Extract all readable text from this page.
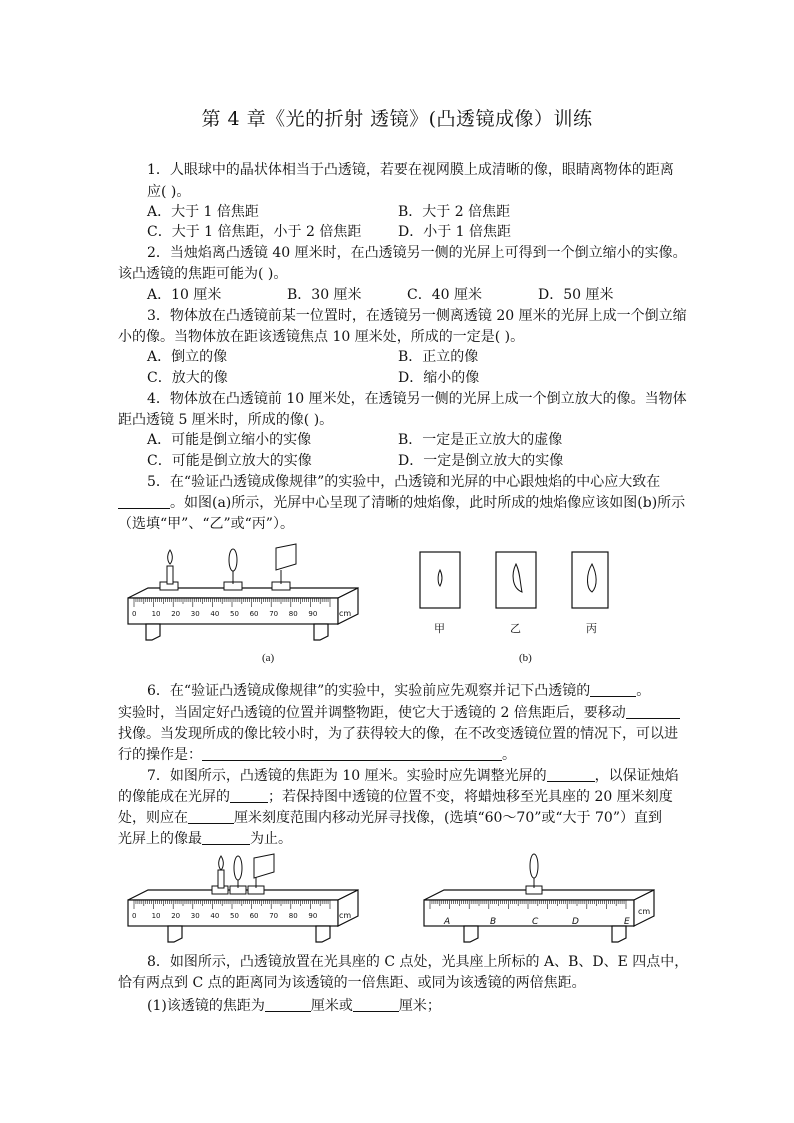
第 4 章《光的折射 透镜》(凸透镜成像）训练
1．人眼球中的晶状体相当于凸透镜，若要在视网膜上成清晰的像，眼睛离物体的距离
应( )。
A．大于 1 倍焦距	B．大于 2 倍焦距
C．大于 1 倍焦距，小于 2 倍焦距	D．小于 1 倍焦距
2．当烛焰离凸透镜 40 厘米时，在凸透镜另一侧的光屏上可得到一个倒立缩小的实像。
该凸透镜的焦距可能为( )。
A．10 厘米	B．30 厘米	C．40 厘米	D．50 厘米
3．物体放在凸透镜前某一位置时，在透镜另一侧离透镜 20 厘米的光屏上成一个倒立缩
小的像。当物体放在距该透镜焦点 10 厘米处，所成的一定是( )。
A．倒立的像	B．正立的像
C．放大的像	D．缩小的像
4．物体放在凸透镜前 10 厘米处，在透镜另一侧的光屏上成一个倒立放大的像。当物体
距凸透镜 5 厘米时，所成的像( )。
A．可能是倒立缩小的实像	B．一定是正立放大的虚像
C．可能是倒立放大的实像	D．一定是倒立放大的实像
5．在“验证凸透镜成像规律”的实验中，凸透镜和光屏的中心跟烛焰的中心应大致在
。如图(a)所示，光屏中心呈现了清晰的烛焰像，此时所成的烛焰像应该如图(b)所示
（选填“甲”、“乙”或“丙”）。
0 10 20 30 40 50 60 70 80 90	cm
(a)
甲	乙	丙
(b)
6．在“验证凸透镜成像规律”的实验中，实验前应先观察并记下凸透镜的	。
实验时，当固定好凸透镜的位置并调整物距，使它大于透镜的 2 倍焦距后，要移动
找像。当发现所成的像比较小时，为了获得较大的像，在不改变透镜位置的情况下，可以进
行的操作是：	。
7．如图所示，凸透镜的焦距为 10 厘米。实验时应先调整光屏的	，以保证烛焰
的像能成在光屏的	；若保持图中透镜的位置不变，将蜡烛移至光具座的 20 厘米刻度
处，则应在	厘米刻度范围内移动光屏寻找像，(选填“60～70”或“大于 70”）直到
光屏上的像最	为止。
0 10 20 30 40 50 60 70 80 90	cm
A	B	C	D	E
cm
8．如图所示，凸透镜放置在光具座的 C 点处，光具座上所标的 A、B、D、E 四点中，
恰有两点到 C 点的距离同为该透镜的一倍焦距、或同为该透镜的两倍焦距。
(1)该透镜的焦距为	厘米或	厘米；
